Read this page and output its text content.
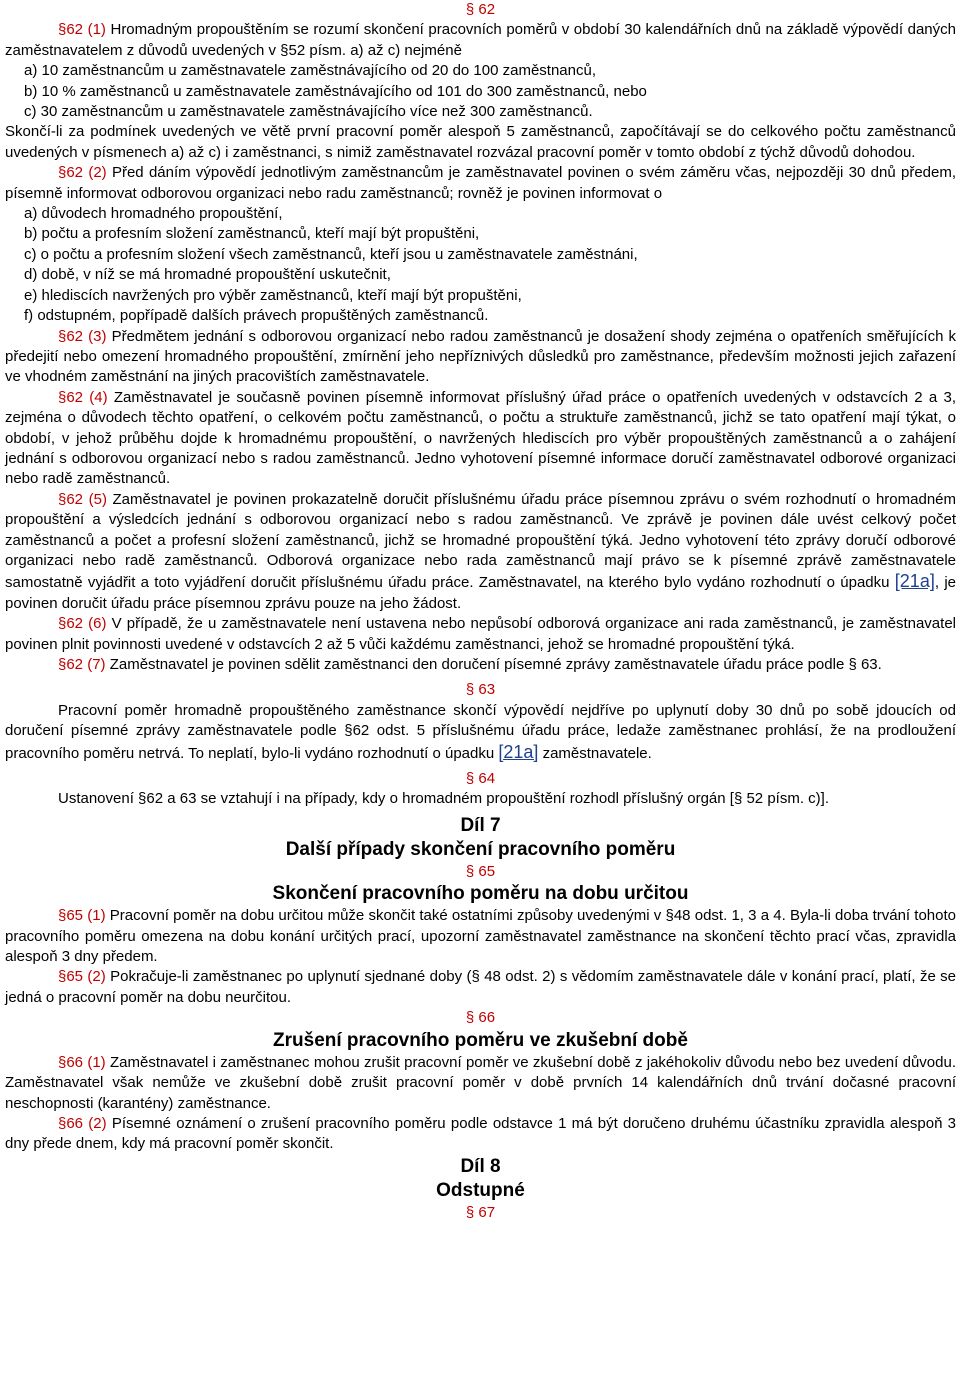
§ 62

§62 (1) Hromadným propouštěním se rozumí skončení pracovních poměrů v období 30 kalendářních dnů na základě výpovědí daných zaměstnavatelem z důvodů uvedených v §52 písm. a) až c) nejméně

a) 10 zaměstnancům u zaměstnavatele zaměstnávajícího od 20 do 100 zaměstnanců,

b) 10 % zaměstnanců u zaměstnavatele zaměstnávajícího od 101 do 300 zaměstnanců, nebo

c) 30 zaměstnancům u zaměstnavatele zaměstnávajícího více než 300 zaměstnanců.

Skončí-li za podmínek uvedených ve větě první pracovní poměr alespoň 5 zaměstnanců, započítávají se do celkového počtu zaměstnanců uvedených v písmenech a) až c) i zaměstnanci, s nimiž zaměstnavatel rozvázal pracovní poměr v tomto období z týchž důvodů dohodou.

§62 (2) Před dáním výpovědí jednotlivým zaměstnancům je zaměstnavatel povinen o svém záměru včas, nejpozději 30 dnů předem, písemně informovat odborovou organizaci nebo radu zaměstnanců; rovněž je povinen informovat o

a) důvodech hromadného propouštění,

b) počtu a profesním složení zaměstnanců, kteří mají být propuštěni,

c) o počtu a profesním složení všech zaměstnanců, kteří jsou u zaměstnavatele zaměstnáni,

d) době, v níž se má hromadné propouštění uskutečnit,

e) hlediscích navržených pro výběr zaměstnanců, kteří mají být propuštěni,

f) odstupném, popřípadě dalších právech propuštěných zaměstnanců.

§62 (3) Předmětem jednání s odborovou organizací nebo radou zaměstnanců je dosažení shody zejména o opatřeních směřujících k předejití nebo omezení hromadného propouštění, zmírnění jeho nepříznivých důsledků pro zaměstnance, především možnosti jejich zařazení ve vhodném zaměstnání na jiných pracovištích zaměstnavatele.

§62 (4) Zaměstnavatel je současně povinen písemně informovat příslušný úřad práce o opatřeních uvedených v odstavcích 2 a 3, zejména o důvodech těchto opatření, o celkovém počtu zaměstnanců, o počtu a struktuře zaměstnanců, jichž se tato opatření mají týkat, o období, v jehož průběhu dojde k hromadnému propouštění, o navržených hlediscích pro výběr propouštěných zaměstnanců a o zahájení jednání s odborovou organizací nebo s radou zaměstnanců. Jedno vyhotovení písemné informace doručí zaměstnavatel odborové organizaci nebo radě zaměstnanců.

§62 (5) Zaměstnavatel je povinen prokazatelně doručit příslušnému úřadu práce písemnou zprávu o svém rozhodnutí o hromadném propouštění a výsledcích jednání s odborovou organizací nebo s radou zaměstnanců. Ve zprávě je povinen dále uvést celkový počet zaměstnanců a počet a profesní složení zaměstnanců, jichž se hromadné propouštění týká. Jedno vyhotovení této zprávy doručí odborové organizaci nebo radě zaměstnanců. Odborová organizace nebo rada zaměstnanců mají právo se k písemné zprávě zaměstnavatele samostatně vyjádřit a toto vyjádření doručit příslušnému úřadu práce. Zaměstnavatel, na kterého bylo vydáno rozhodnutí o úpadku [21a], je povinen doručit úřadu práce písemnou zprávu pouze na jeho žádost.

§62 (6) V případě, že u zaměstnavatele není ustavena nebo nepůsobí odborová organizace ani rada zaměstnanců, je zaměstnavatel povinen plnit povinnosti uvedené v odstavcích 2 až 5 vůči každému zaměstnanci, jehož se hromadné propouštění týká.

§62 (7) Zaměstnavatel je povinen sdělit zaměstnanci den doručení písemné zprávy zaměstnavatele úřadu práce podle § 63.

§ 63

Pracovní poměr hromadně propouštěného zaměstnance skončí výpovědí nejdříve po uplynutí doby 30 dnů po sobě jdoucích od doručení písemné zprávy zaměstnavatele podle §62 odst. 5 příslušnému úřadu práce, ledaže zaměstnanec prohlásí, že na prodloužení pracovního poměru netrvá. To neplatí, bylo-li vydáno rozhodnutí o úpadku [21a] zaměstnavatele.

§ 64

Ustanovení §62 a 63 se vztahují i na případy, kdy o hromadném propouštění rozhodl příslušný orgán [§ 52 písm. c)].

Díl 7

Další případy skončení pracovního poměru

§ 65

Skončení pracovního poměru na dobu určitou

§65 (1) Pracovní poměr na dobu určitou může skončit také ostatními způsoby uvedenými v §48 odst. 1, 3 a 4. Byla-li doba trvání tohoto pracovního poměru omezena na dobu konání určitých prací, upozorní zaměstnavatel zaměstnance na skončení těchto prací včas, zpravidla alespoň 3 dny předem.

§65 (2) Pokračuje-li zaměstnanec po uplynutí sjednané doby (§ 48 odst. 2) s vědomím zaměstnavatele dále v konání prací, platí, že se jedná o pracovní poměr na dobu neurčitou.

§ 66

Zrušení pracovního poměru ve zkušební době

§66 (1) Zaměstnavatel i zaměstnanec mohou zrušit pracovní poměr ve zkušební době z jakéhokoliv důvodu nebo bez uvedení důvodu. Zaměstnavatel však nemůže ve zkušební době zrušit pracovní poměr v době prvních 14 kalendářních dnů trvání dočasné pracovní neschopnosti (karantény) zaměstnance.

§66 (2) Písemné oznámení o zrušení pracovního poměru podle odstavce 1 má být doručeno druhému účastníku zpravidla alespoň 3 dny přede dnem, kdy má pracovní poměr skončit.

Díl 8

Odstupné

§ 67
